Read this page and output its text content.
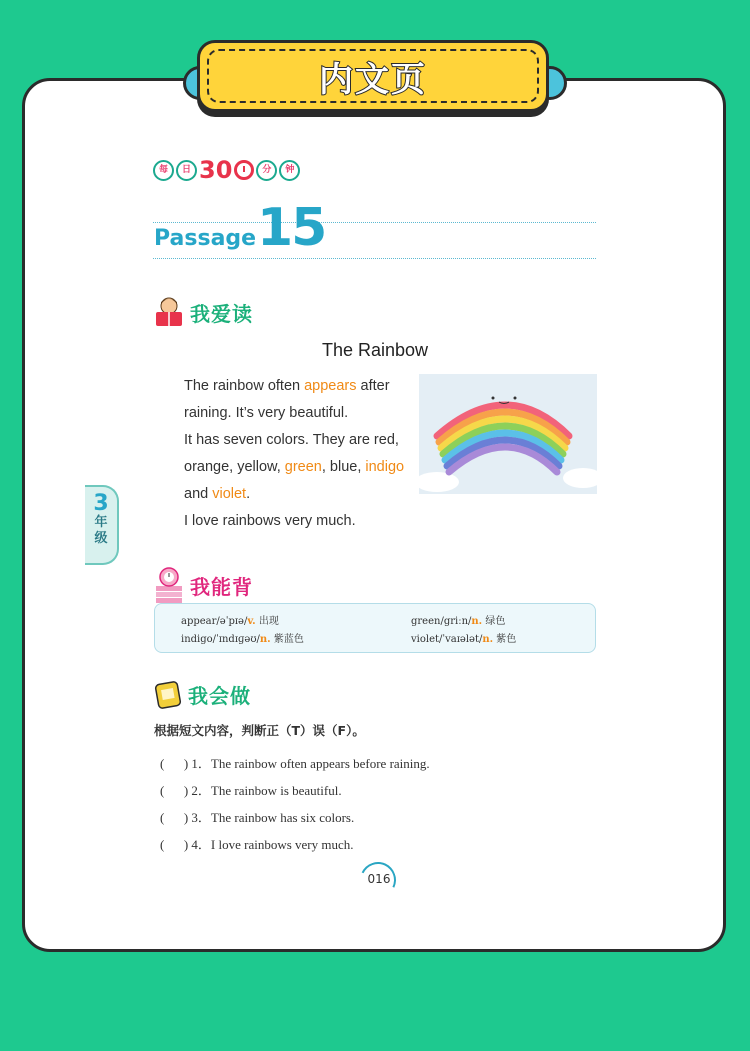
内文页
每	日 30	分	钟
Passage 15
我爱读
The Rainbow

The rainbow often appears after raining. It’s very beautiful.

It has seven colors. They are red, orange, yellow, green, blue, indigo and violet.

I love rainbows very much.

3
年
级
我能背
appear/əˈpɪə/v. 出现	green/griːn/n. 绿色
indigo/ˈɪndɪɡəʊ/n. 紫蓝色	violet/ˈvaɪələt/n. 紫色
我会做
根据短文内容，判断正（T）误（F）。
(      ) 1．The rainbow often appears before raining.
(      ) 2．The rainbow is beautiful.
(      ) 3．The rainbow has six colors.
(      ) 4．I love rainbows very much.
016
